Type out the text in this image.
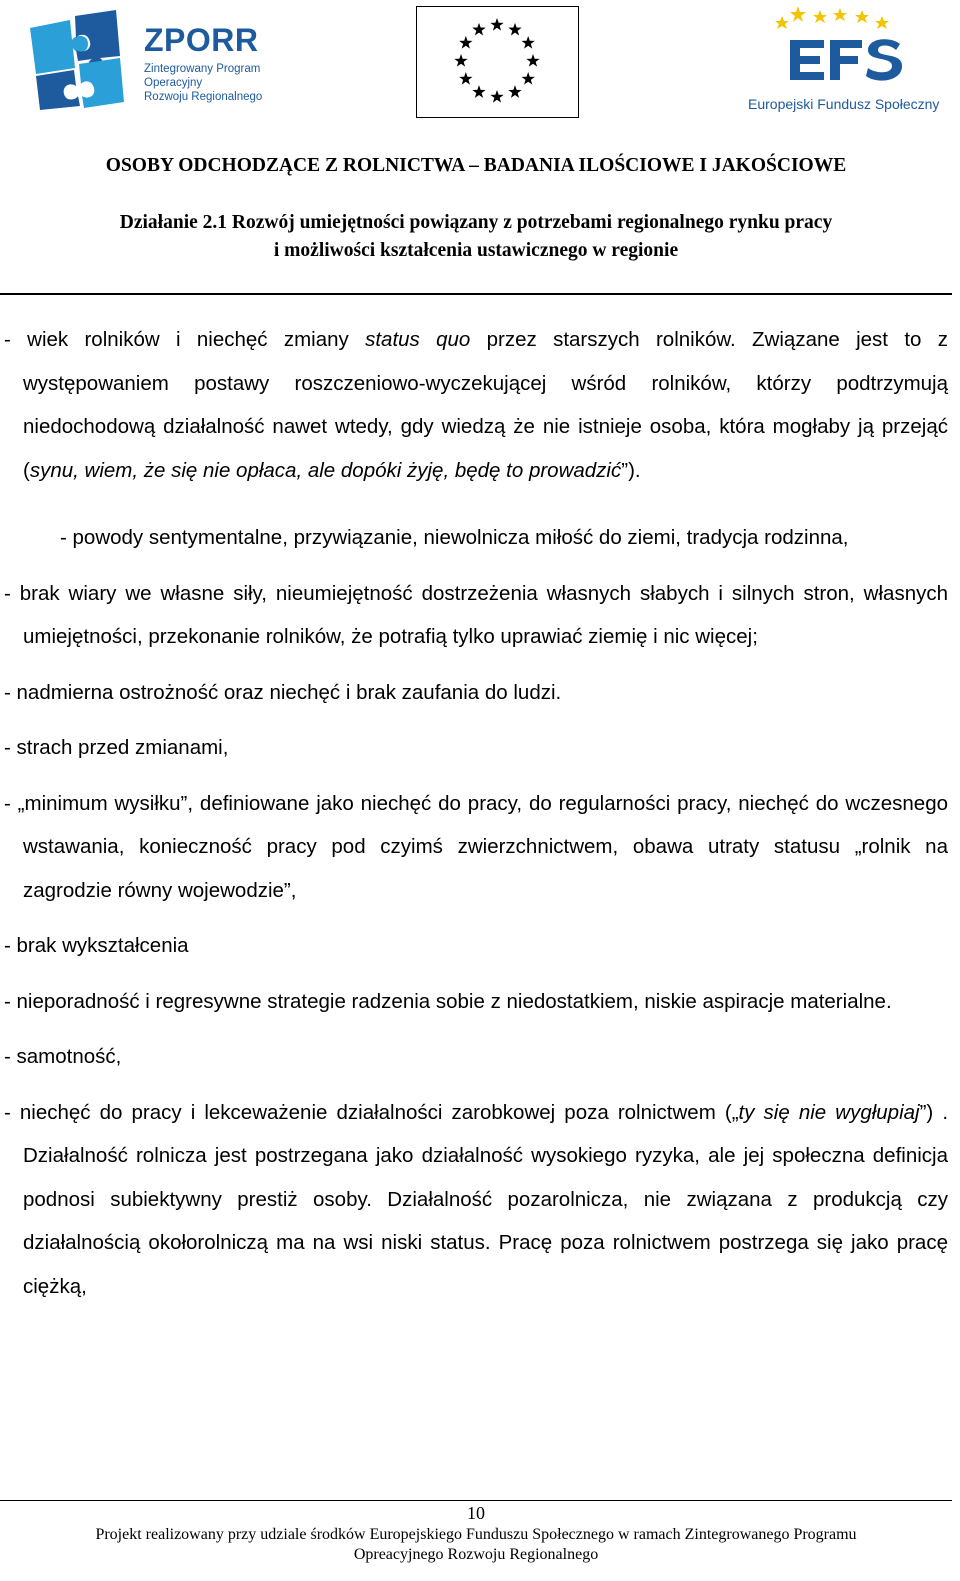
ZPORR
Zintegrowany Program
Operacyjny
Rozwoju Regionalnego	Europejski Fundusz Społeczny
OSOBY ODCHODZĄCE Z ROLNICTWA – BADANIA ILOŚCIOWE I JAKOŚCIOWE
Działanie 2.1 Rozwój umiejętności powiązany z potrzebami regionalnego rynku pracy
i możliwości kształcenia ustawicznego w regionie

- wiek rolników i niechęć zmiany status quo przez starszych rolników. Związane jest to z występowaniem postawy roszczeniowo-wyczekującej wśród rolników, którzy podtrzymują niedochodową działalność nawet wtedy, gdy wiedzą że nie istnieje osoba, która mogłaby ją przejąć (synu, wiem, że się nie opłaca, ale dopóki żyję, będę to prowadzić”).

- powody sentymentalne, przywiązanie, niewolnicza miłość do ziemi, tradycja rodzinna,

- brak wiary we własne siły, nieumiejętność dostrzeżenia własnych słabych i silnych stron, własnych umiejętności, przekonanie rolników, że potrafią tylko uprawiać ziemię i nic więcej;

- nadmierna ostrożność oraz niechęć i brak zaufania do ludzi.

- strach przed zmianami,

- „minimum wysiłku”, definiowane jako niechęć do pracy, do regularności pracy, niechęć do wczesnego wstawania, konieczność pracy pod czyimś zwierzchnictwem, obawa utraty statusu „rolnik na zagrodzie równy wojewodzie”,

- brak wykształcenia

- nieporadność i regresywne strategie radzenia sobie z niedostatkiem, niskie aspiracje materialne.

- samotność,

- niechęć do pracy i lekceważenie działalności zarobkowej poza rolnictwem („ty się nie wygłupiaj”) . Działalność rolnicza jest postrzegana jako działalność wysokiego ryzyka, ale jej społeczna definicja podnosi subiektywny prestiż osoby. Działalność pozarolnicza, nie związana z produkcją czy działalnością okołorolniczą ma na wsi niski status. Pracę poza rolnictwem postrzega się jako pracę ciężką,

10
Projekt realizowany przy udziale środków Europejskiego Funduszu Społecznego w ramach Zintegrowanego Programu
Opreacyjnego Rozwoju Regionalnego
